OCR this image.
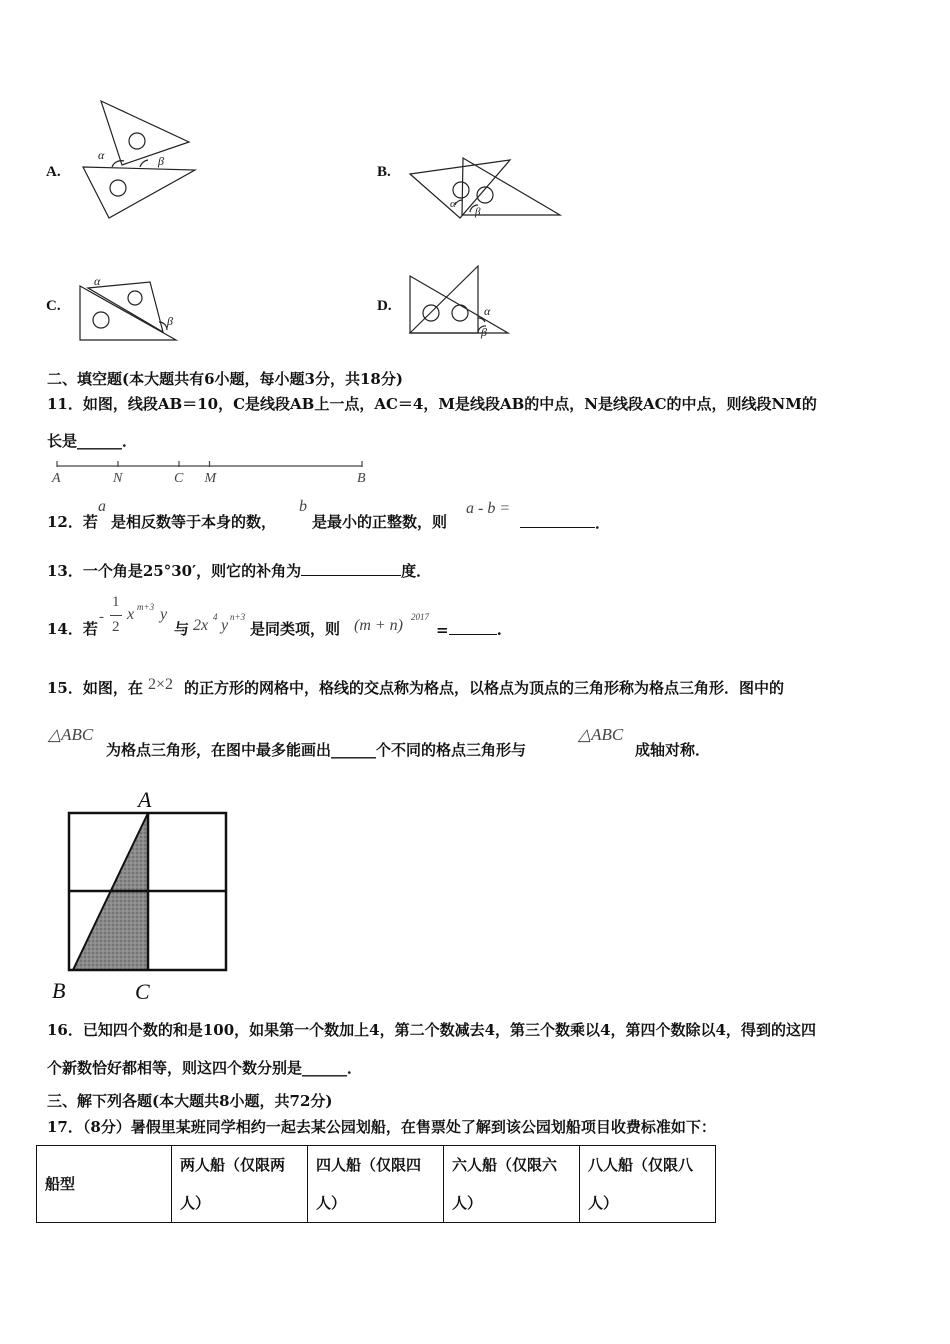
A.
α	β
B.
α
β
C.
α
β
D.	α
β
二、填空题(本大题共有6小题，每小题3分，共18分)
11．如图，线段AB＝10，C是线段AB上一点，AC＝4，M是线段AB的中点，N是线段AC的中点，则线段NM的
长是______．
A	N	C M	B
12．若
a
是相反数等于本身的数，
b
是最小的正整数，则
a - b =
．
13．一个角是25°30′，则它的补角为	度．
14．若
-
1
2
x m+3 y
与 2x 4 y n+3
是同类项，则 (m + n) 2017
=	.
15．如图，在 2×2 的正方形的网格中，格线的交点称为格点，以格点为顶点的三角形称为格点三角形．图中的
△ABC
为格点三角形，在图中最多能画出______个不同的格点三角形与
△ABC
成轴对称．
A
B	C
16．已知四个数的和是100，如果第一个数加上4，第二个数减去4，第三个数乘以4，第四个数除以4，得到的这四
个新数恰好都相等，则这四个数分别是______．
三、解下列各题(本大题共8小题，共72分)
17．（8分）暑假里某班同学相约一起去某公园划船，在售票处了解到该公园划船项目收费标准如下：
船型	两人船（仅限两	四人船（仅限四	六人船（仅限六	八人船（仅限八
	人）	人）	人）	人）
